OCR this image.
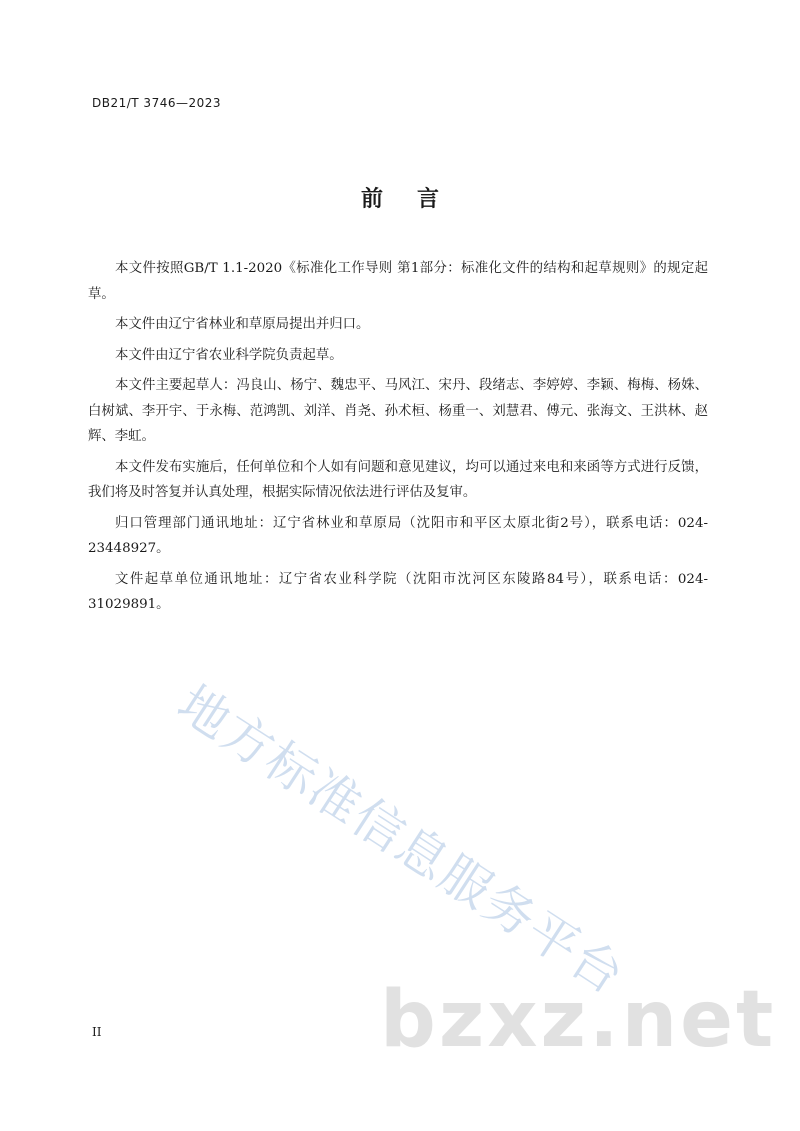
DB21/T 3746—2023
前 言

本文件按照GB/T 1.1-2020《标准化工作导则 第1部分：标准化文件的结构和起草规则》的规定起草。

本文件由辽宁省林业和草原局提出并归口。

本文件由辽宁省农业科学院负责起草。

本文件主要起草人：冯良山、杨宁、魏忠平、马风江、宋丹、段绪志、李婷婷、李颖、梅梅、杨姝、白树斌、李开宇、于永梅、范鸿凯、刘洋、肖尧、孙术桓、杨重一、刘慧君、傅元、张海文、王洪林、赵辉、李虹。

本文件发布实施后，任何单位和个人如有问题和意见建议，均可以通过来电和来函等方式进行反馈，我们将及时答复并认真处理，根据实际情况依法进行评估及复审。

归口管理部门通讯地址：辽宁省林业和草原局（沈阳市和平区太原北街2号），联系电话：024-23448927。

文件起草单位通讯地址：辽宁省农业科学院（沈阳市沈河区东陵路84号），联系电话：024-31029891。

地方标准信息服务平台
bzxz.net
II
